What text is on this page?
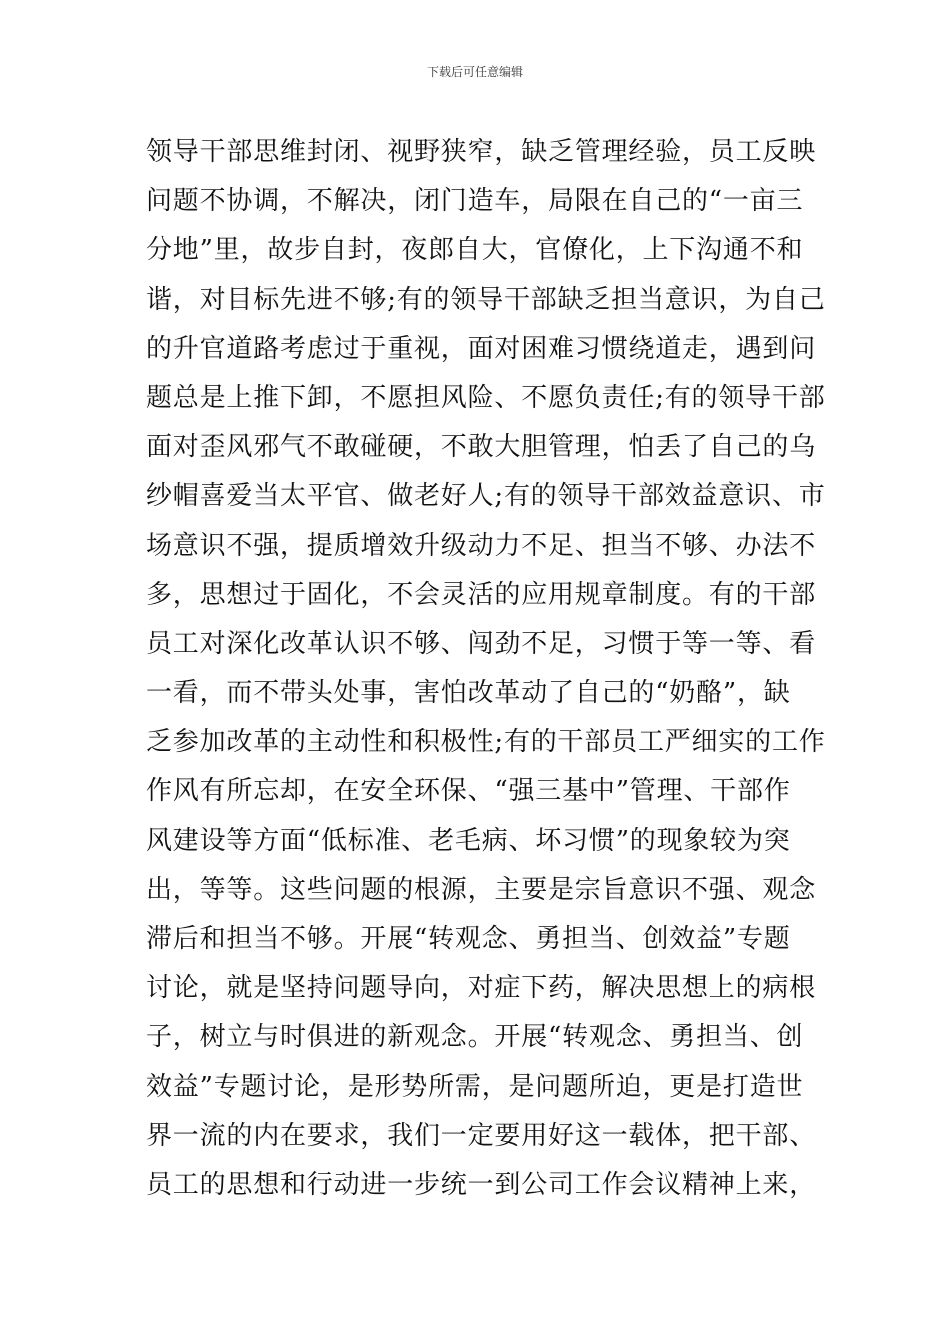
下载后可任意编辑
领导干部思维封闭、视野狭窄，缺乏管理经验，员工反映
问题不协调，不解决，闭门造车，局限在自己的“一亩三
分地”里，故步自封，夜郎自大，官僚化，上下沟通不和
谐，对目标先进不够;有的领导干部缺乏担当意识，为自己
的升官道路考虑过于重视，面对困难习惯绕道走，遇到问
题总是上推下卸，不愿担风险、不愿负责任;有的领导干部
面对歪风邪气不敢碰硬，不敢大胆管理，怕丢了自己的乌
纱帽喜爱当太平官、做老好人;有的领导干部效益意识、市
场意识不强，提质增效升级动力不足、担当不够、办法不
多，思想过于固化，不会灵活的应用规章制度。有的干部
员工对深化改革认识不够、闯劲不足，习惯于等一等、看
一看，而不带头处事，害怕改革动了自己的“奶酪”，缺
乏参加改革的主动性和积极性;有的干部员工严细实的工作
作风有所忘却，在安全环保、“强三基中”管理、干部作
风建设等方面“低标准、老毛病、坏习惯”的现象较为突
出，等等。这些问题的根源，主要是宗旨意识不强、观念
滞后和担当不够。开展“转观念、勇担当、创效益”专题
讨论，就是坚持问题导向，对症下药，解决思想上的病根
子，树立与时俱进的新观念。开展“转观念、勇担当、创
效益”专题讨论，是形势所需，是问题所迫，更是打造世
界一流的内在要求，我们一定要用好这一载体，把干部、
员工的思想和行动进一步统一到公司工作会议精神上来，
